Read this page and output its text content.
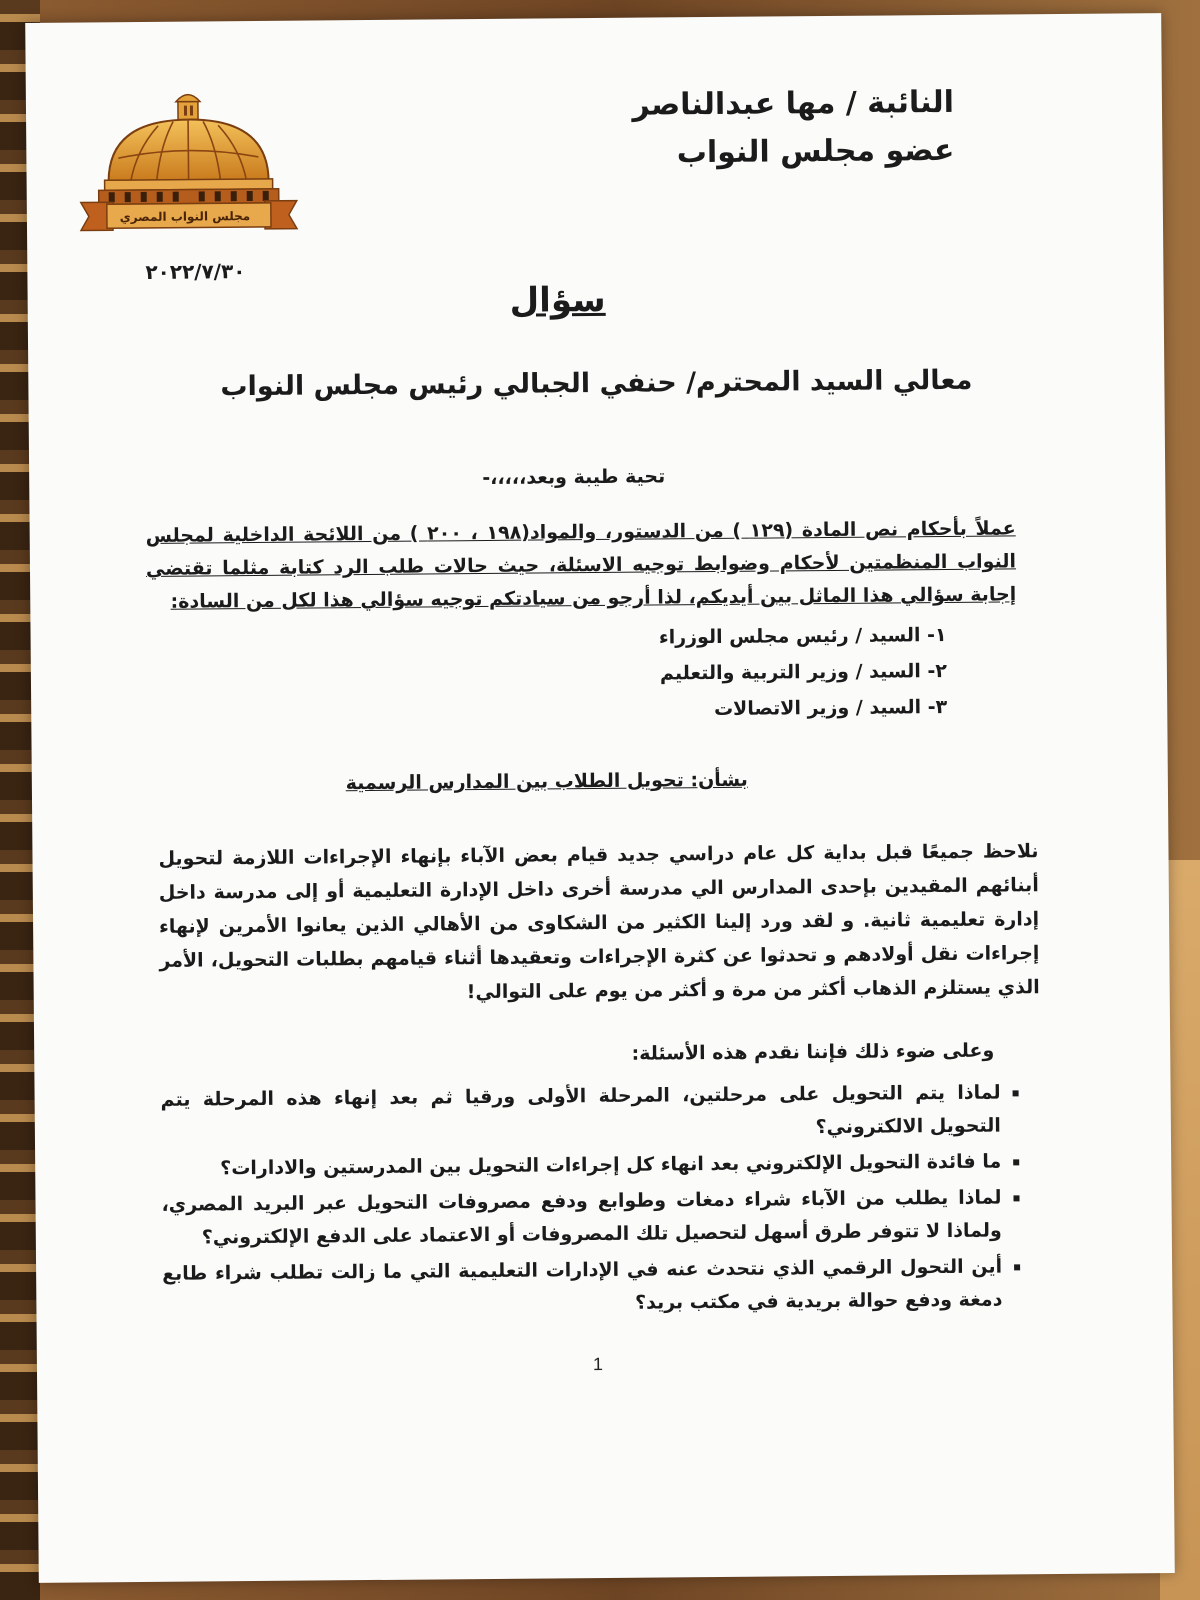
مجلس النواب المصري
النائبة / مها عبدالناصر
عضو مجلس النواب
٢٠٢٢/٧/٣٠
سؤال
معالي السيد المحترم/ حنفي الجبالي رئيس مجلس النواب
تحية طيبة وبعد،،،،،-
عملاً بأحكام نص المادة (١٢٩ ) من الدستور، والمواد(١٩٨ ، ٢٠٠ ) من اللائحة الداخلية لمجلس النواب المنظمتين لأحكام وضوابط توجيه الاسئلة، حيث حالات طلب الرد كتابة مثلما تقتضي إجابة سؤالي هذا الماثل بين أيديكم، لذا أرجو من سيادتكم توجيه سؤالي هذا لكل من السادة:
١- السيد / رئيس مجلس الوزراء
٢- السيد / وزير التربية والتعليم
٣- السيد / وزير الاتصالات
بشأن: تحويل الطلاب بين المدارس الرسمية
نلاحظ جميعًا قبل بداية كل عام دراسي جديد قيام بعض الآباء بإنهاء الإجراءات اللازمة لتحويل أبنائهم المقيدين بإحدى المدارس الي مدرسة أخرى داخل الإدارة التعليمية أو إلى مدرسة داخل إدارة تعليمية ثانية. و لقد ورد إلينا الكثير من الشكاوى من الأهالي الذين يعانوا الأمرين لإنهاء إجراءات نقل أولادهم و تحدثوا عن كثرة الإجراءات وتعقيدها أثناء قيامهم بطلبات التحويل، الأمر الذي يستلزم الذهاب أكثر من مرة و أكثر من يوم على التوالي!
وعلى ضوء ذلك فإننا نقدم هذه الأسئلة:
▪ لماذا يتم التحويل على مرحلتين، المرحلة الأولى ورقيا ثم بعد إنهاء هذه المرحلة يتم التحويل الالكتروني؟
▪ ما فائدة التحويل الإلكتروني بعد انهاء كل إجراءات التحويل بين المدرستين والادارات؟
▪ لماذا يطلب من الآباء شراء دمغات وطوابع ودفع مصروفات التحويل عبر البريد المصري، ولماذا لا تتوفر طرق أسهل لتحصيل تلك المصروفات أو الاعتماد على الدفع الإلكتروني؟
▪ أين التحول الرقمي الذي نتحدث عنه في الإدارات التعليمية التي ما زالت تطلب شراء طابع دمغة ودفع حوالة بريدية في مكتب بريد؟
1
